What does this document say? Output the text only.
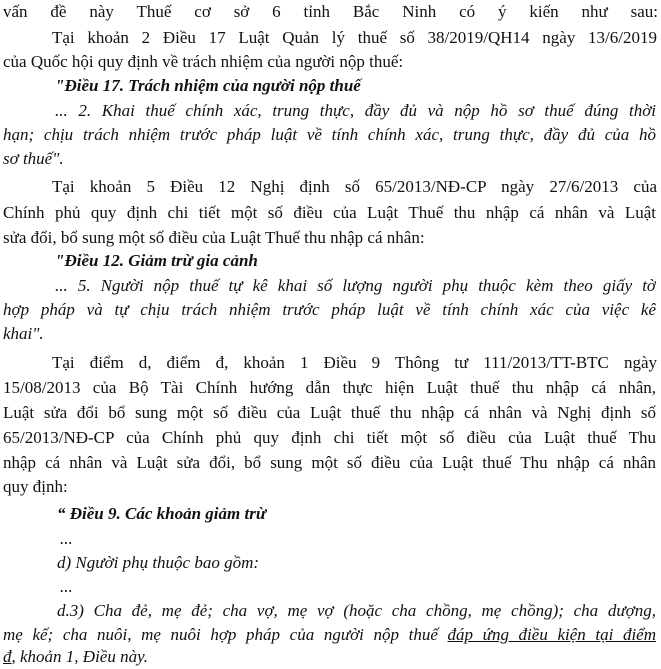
vấn đề này Thuế cơ sở 6 tỉnh Bắc Ninh có ý kiến như sau:
Tại khoản 2 Điều 17 Luật Quản lý thuế số 38/2019/QH14 ngày 13/6/2019
của Quốc hội quy định về trách nhiệm của người nộp thuế:
"Điều 17. Trách nhiệm của người nộp thuế
... 2. Khai thuế chính xác, trung thực, đầy đủ và nộp hồ sơ thuế đúng thời
hạn; chịu trách nhiệm trước pháp luật về tính chính xác, trung thực, đầy đủ của hồ
sơ thuế".
Tại khoản 5 Điều 12 Nghị định số 65/2013/NĐ-CP ngày 27/6/2013 của
Chính phủ quy định chi tiết một số điều của Luật Thuế thu nhập cá nhân và Luật
sửa đổi, bổ sung một số điều của Luật Thuế thu nhập cá nhân:
"Điều 12. Giảm trừ gia cảnh
... 5. Người nộp thuế tự kê khai số lượng người phụ thuộc kèm theo giấy tờ
hợp pháp và tự chịu trách nhiệm trước pháp luật về tính chính xác của việc kê
khai".
Tại điểm d, điểm đ, khoản 1 Điều 9 Thông tư 111/2013/TT-BTC ngày
15/08/2013 của Bộ Tài Chính hướng dẫn thực hiện Luật thuế thu nhập cá nhân,
Luật sửa đổi bổ sung một số điều của Luật thuế thu nhập cá nhân và Nghị định số
65/2013/NĐ-CP của Chính phủ quy định chi tiết một số điều của Luật thuế Thu
nhập cá nhân và Luật sửa đổi, bổ sung một số điều của Luật thuế Thu nhập cá nhân
quy định:
“ Điều 9. Các khoản giảm trừ
...
d) Người phụ thuộc bao gồm:
...
d.3) Cha đẻ, mẹ đẻ; cha vợ, mẹ vợ (hoặc cha chồng, mẹ chồng); cha dượng,
mẹ kế; cha nuôi, mẹ nuôi hợp pháp của người nộp thuế đáp ứng điều kiện tại điểm
đ, khoản 1, Điều này.
